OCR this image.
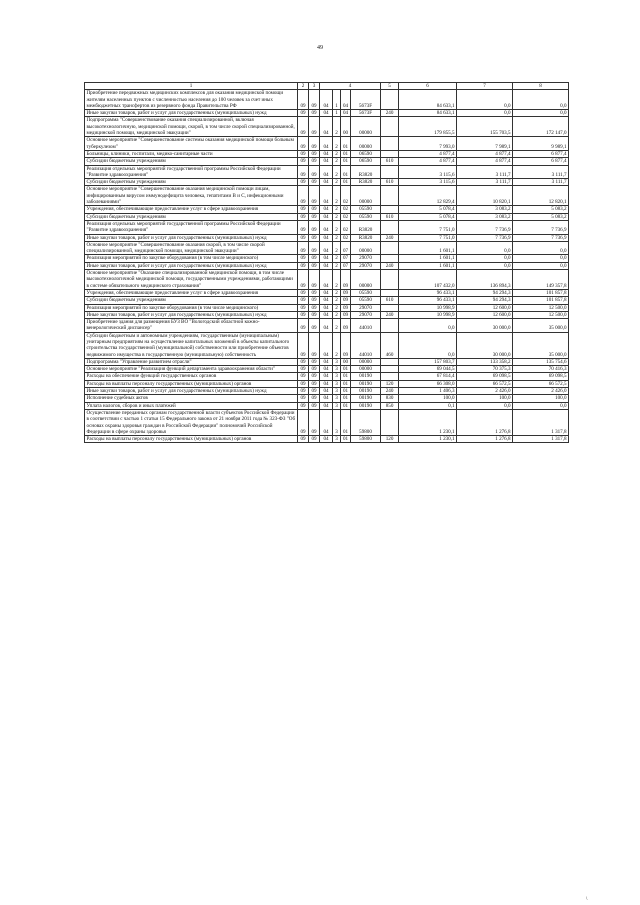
49
1	2	3	4				5	6	7	8
Приобретение передвижных медицинских комплексов для оказания медицинской помощи жителям населенных пунктов с численностью населения до 100 человек за счет иных межбюджетных трансфертов из резервного фонда Правительства РФ	09	09	04	1	04	5673F		84 633,1	0,0	0,0
Иные закупки товаров, работ и услуг для государственных (муниципальных) нужд	09	09	04	1	04	5673F	240	84 633,1	0,0	0,0
Подпрограмма "Совершенствование оказания специализированной, включая высокотехнологичную, медицинской помощи, скорой, в том числе скорой специализированной, медицинской помощи, медицинской эвакуации"	09	09	04	2	00	00000		179 855,5	155 703,5	172 147,0
Основное мероприятие "Совершенствование системы оказания медицинской помощи больным туберкулезом"	09	09	04	2	01	00000		7 993,0	7 989,1	9 989,1
Больницы, клиники, госпитали, медико-санитарные части	09	09	04	2	01	06590		4 877,4	4 877,4	6 877,4
Субсидии бюджетным учреждениям	09	09	04	2	01	06590	610	4 877,4	4 877,4	6 877,4
Реализация отдельных мероприятий государственной программы Российской Федерации "Развитие здравоохранения"	09	09	04	2	01	R3820		3 115,6	3 111,7	3 111,7
Субсидии бюджетным учреждениям	09	09	04	2	01	R3820	610	3 115,6	3 111,7	3 111,7
Основное мероприятие "Совершенствование оказания медицинской помощи лицам, инфицированным вирусом иммунодефицита человека, гепатитами B и C, инфекционными заболеваниями"	09	09	04	2	02	00000		12 829,4	10 820,1	12 820,1
Учреждения, обеспечивающие предоставление услуг в сфере здравоохранения	09	09	04	2	02	05590		5 078,4	3 083,2	5 083,2
Субсидии бюджетным учреждениям	09	09	04	2	02	05590	610	5 078,4	3 083,2	5 083,2
Реализация отдельных мероприятий государственной программы Российской Федерации "Развитие здравоохранения"	09	09	04	2	02	R3820		7 751,0	7 736,9	7 736,9
Иные закупки товаров, работ и услуг для государственных (муниципальных) нужд	09	09	04	2	02	R3820	240	7 751,0	7 736,9	7 736,9
Основное мероприятие "Совершенствование оказания скорой, в том числе скорой специализированной, медицинской помощи, медицинской эвакуации"	09	09	04	2	07	00000		1 601,1	0,0	0,0
Реализация мероприятий по закупке оборудования (в том числе медицинского)	09	09	04	2	07	29070		1 601,1	0,0	0,0
Иные закупки товаров, работ и услуг для государственных (муниципальных) нужд	09	09	04	2	07	29070	240	1 601,1	0,0	0,0
Основное мероприятие "Оказание специализированной медицинской помощи, в том числе высокотехнологичной медицинской помощи, государственными учреждениями, работающими в системе обязательного медицинского страхования"	09	09	04	2	09	00000		107 432,0	136 894,3	149 357,8
Учреждения, обеспечивающие предоставление услуг в сфере здравоохранения	09	09	04	2	09	05590		96 433,1	94 294,3	101 857,8
Субсидии бюджетным учреждениям	09	09	04	2	09	05590	610	96 433,1	94 294,3	101 857,8
Реализация мероприятий по закупке оборудования (в том числе медицинского)	09	09	04	2	09	29070		10 998,9	12 600,0	12 500,0
Иные закупки товаров, работ и услуг для государственных (муниципальных) нужд	09	09	04	2	09	29070	240	10 998,9	12 600,0	12 500,0
Приобретение здания для размещения БУЗ ВО "Вологодский областной кожно-венерологический диспансер"	09	09	04	2	09	44010		0,0	30 000,0	35 000,0
Субсидии бюджетным и автономным учреждениям, государственным (муниципальным) унитарным предприятиям на осуществление капитальных вложений в объекты капитального строительства государственной (муниципальной) собственности или приобретение объектов недвижимого имущества в государственную (муниципальную) собственность	09	09	04	2	09	44010	460	0,0	30 000,0	35 000,0
Подпрограмма "Управление развитием отрасли"	09	09	04	3	00	00000		157 803,7	133 358,2	135 754,6
Основное мероприятие "Реализация функций департамента здравоохранения области"	09	09	04	3	01	00000		69 044,5	70 375,3	70 416,3
Расходы на обеспечение функций государственных органов	09	09	04	3	01	00190		67 814,4	69 098,5	69 098,5
Расходы на выплаты персоналу государственных (муниципальных) органов	09	09	04	3	01	00190	120	66 308,0	66 572,5	66 572,5
Иные закупки товаров, работ и услуг для государственных (муниципальных) нужд	09	09	04	3	01	00190	240	1 406,3	2 426,0	2 426,0
Исполнение судебных актов	09	09	04	3	01	00190	830	100,0	100,0	100,0
Уплата налогов, сборов и иных платежей	09	09	04	3	01	00190	850	0,1	0,0	0,0
Осуществление переданных органам государственной власти субъектов Российской Федерации в соответствии с частью 1 статьи 15 Федерального закона от 21 ноября 2011 года № 323-ФЗ "Об основах охраны здоровья граждан в Российской Федерации" полномочий Российской Федерации в сфере охраны здоровья	09	09	04	3	01	59800		1 230,1	1 276,8	1 317,8
Расходы на выплаты персоналу государственных (муниципальных) органов	09	09	04	3	01	59800	120	1 230,1	1 276,8	1 317,8
\
